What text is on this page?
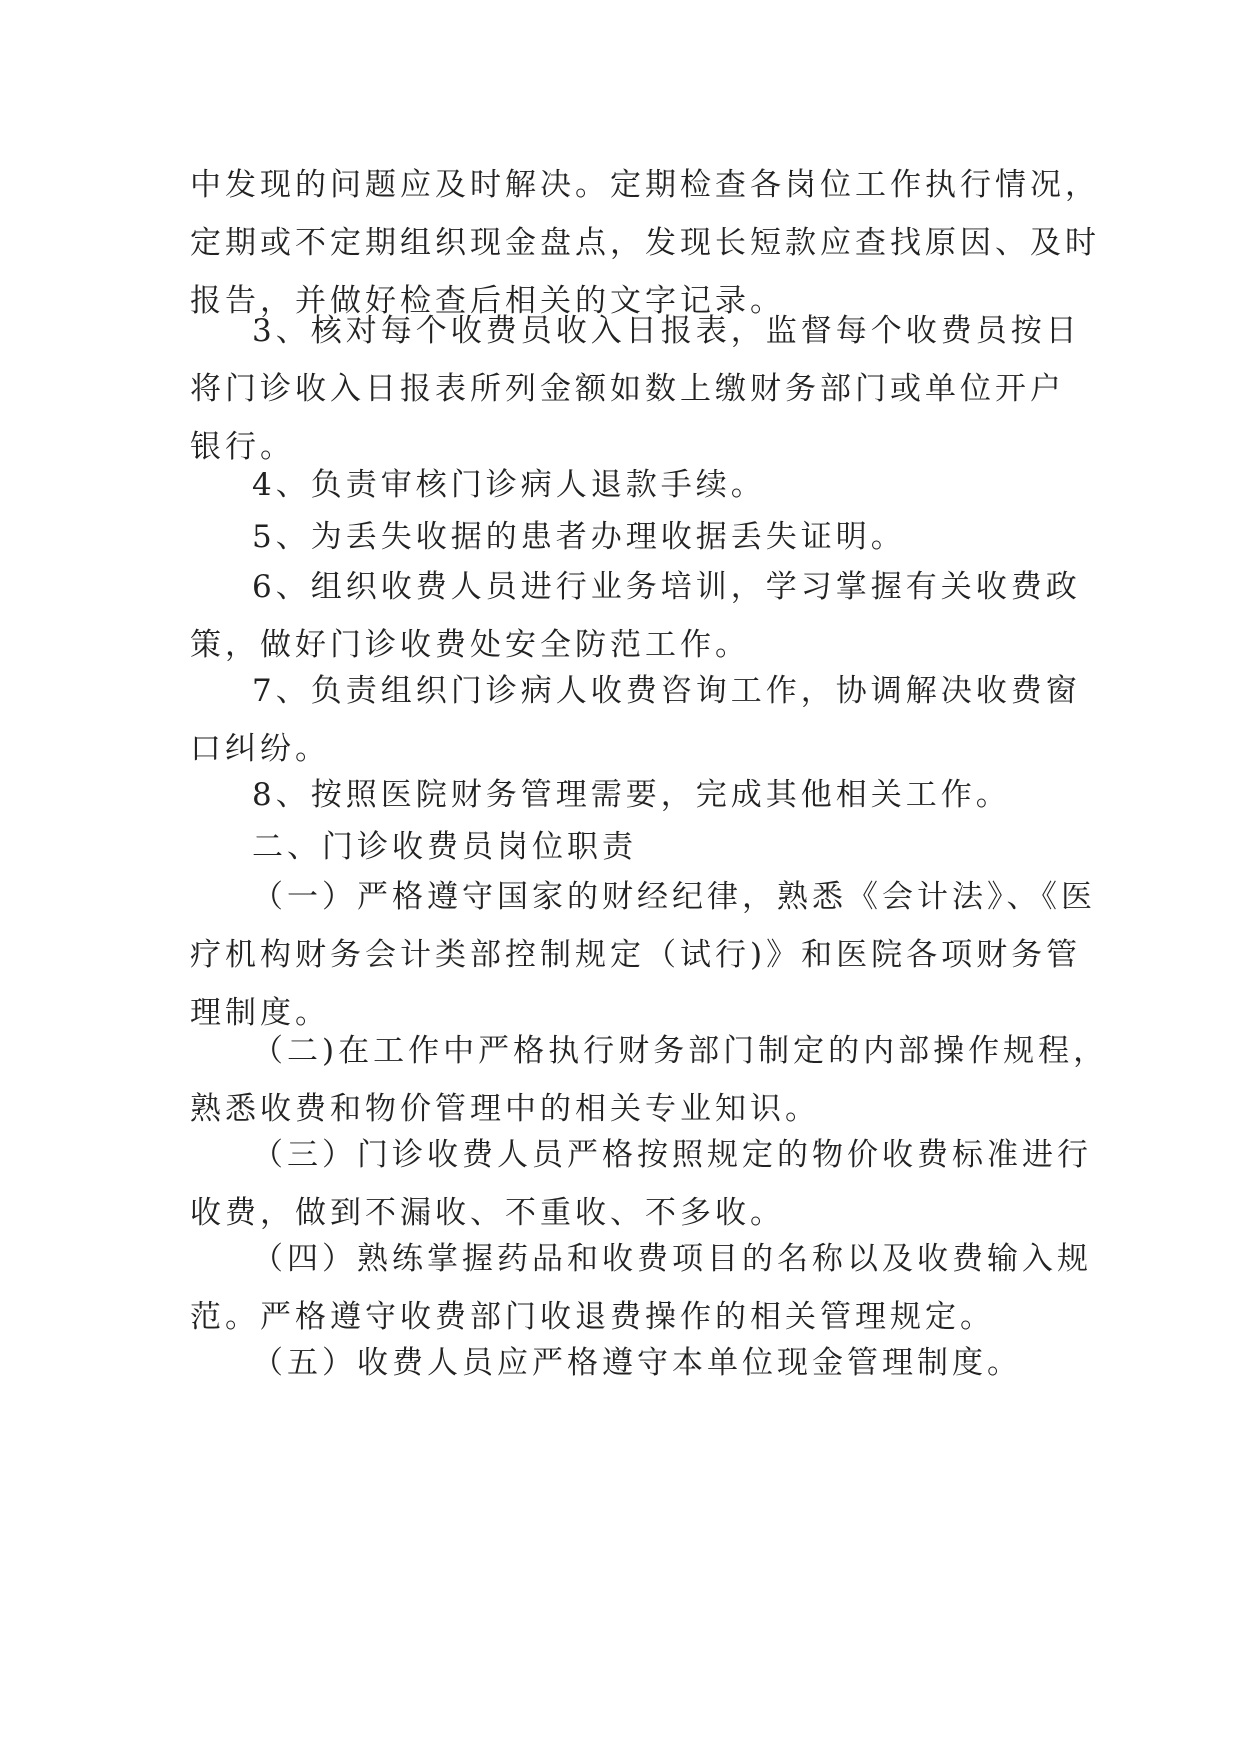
中发现的问题应及时解决。定期检查各岗位工作执行情况，
定期或不定期组织现金盘点，发现长短款应查找原因、及时
报告，并做好检查后相关的文字记录。

3、核对每个收费员收入日报表，监督每个收费员按日
将门诊收入日报表所列金额如数上缴财务部门或单位开户
银行。

4、负责审核门诊病人退款手续。

5、为丢失收据的患者办理收据丢失证明。

6、组织收费人员进行业务培训，学习掌握有关收费政
策，做好门诊收费处安全防范工作。

7、负责组织门诊病人收费咨询工作，协调解决收费窗
口纠纷。

8、按照医院财务管理需要，完成其他相关工作。

二、门诊收费员岗位职责

（一）严格遵守国家的财经纪律，熟悉《会计法》、《医
疗机构财务会计类部控制规定（试行)》和医院各项财务管
理制度。

（二)在工作中严格执行财务部门制定的内部操作规程，
熟悉收费和物价管理中的相关专业知识。

（三）门诊收费人员严格按照规定的物价收费标准进行
收费，做到不漏收、不重收、不多收。

（四）熟练掌握药品和收费项目的名称以及收费输入规
范。严格遵守收费部门收退费操作的相关管理规定。

（五）收费人员应严格遵守本单位现金管理制度。
